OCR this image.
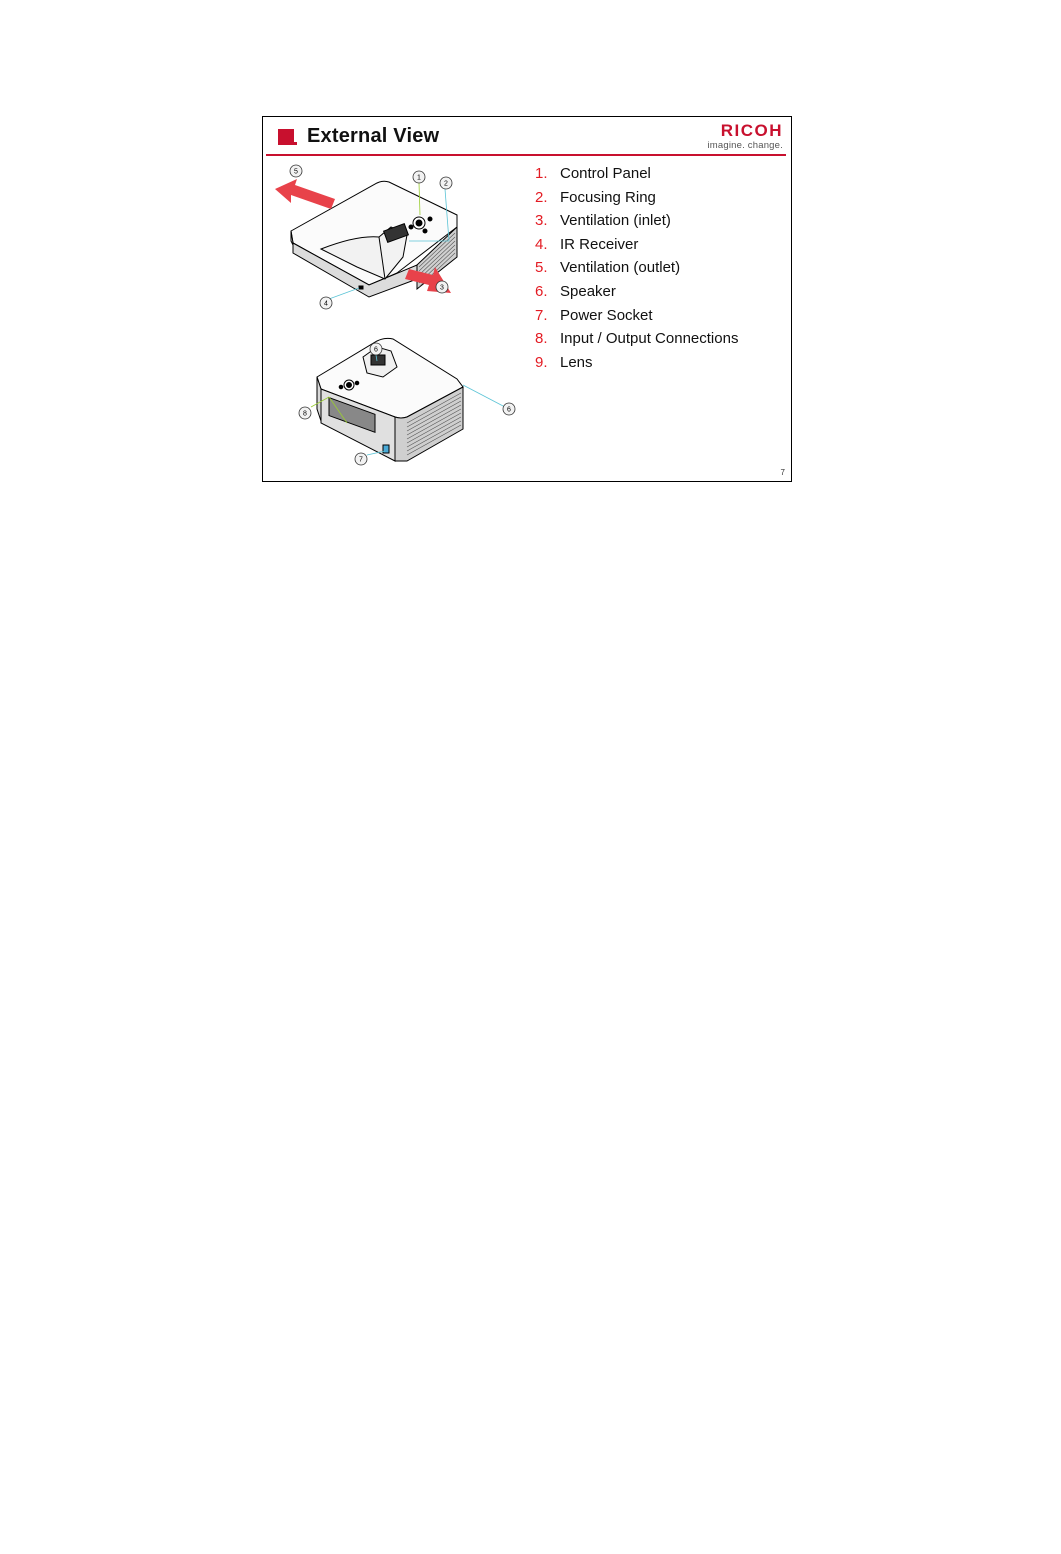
External View	RICOH
imagine. change.
5
1
2
3
4
6
6
8
7
1. Control Panel
2. Focusing Ring
3. Ventilation (inlet)
4. IR Receiver
5. Ventilation (outlet)
6. Speaker
7. Power Socket
8. Input / Output Connections
9. Lens
7
